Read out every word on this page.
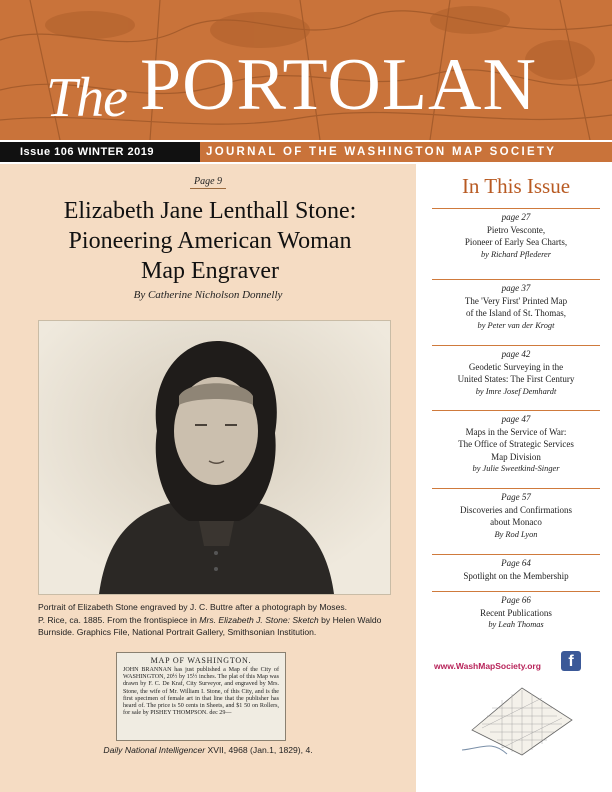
The PORTOLAN
Issue 106 WINTER 2019	JOURNAL OF THE WASHINGTON MAP SOCIETY
Page 9
Elizabeth Jane Lenthall Stone:
Pioneering American Woman
Map Engraver
By Catherine Nicholson Donnelly
Portrait of Elizabeth Stone engraved by J. C. Buttre after a photograph by Moses.
P. Rice, ca. 1885. From the frontispiece in Mrs. Elizabeth J. Stone: Sketch by Helen Waldo
Burnside. Graphics File, National Portrait Gallery, Smithsonian Institution.
MAP OF WASHINGTON.
JOHN BRANNAN has just published a Map of the City of WASHINGTON, 20½ by 15½ inches. The plat of this Map was drawn by F. C. De Kraf, City Surveyor, and engraved by Mrs. Stone, the wife of Mr. William I. Stone, of this City, and is the first specimen of female art in that line that the publisher has heard of. The price is 50 cents in Sheets, and $1 50 on Rollers, for sale by PISHEY THOMPSON. dec 29—
Daily National Intelligencer XVII, 4968 (Jan.1, 1829), 4.
In This Issue
page 27
Pietro Vesconte,
Pioneer of Early Sea Charts,
by Richard Pflederer
page 37
The 'Very First' Printed Map
of the Island of St. Thomas,
by Peter van der Krogt
page 42
Geodetic Surveying in the
United States: The First Century
by Imre Josef Demhardt
page 47
Maps in the Service of War:
The Office of Strategic Services
Map Division
by Julie Sweetkind-Singer
Page 57
Discoveries and Confirmations
about Monaco
By Rod Lyon
Page 64
Spotlight on the Membership
Page 66
Recent Publications
by Leah Thomas
www.WashMapSociety.org	f
